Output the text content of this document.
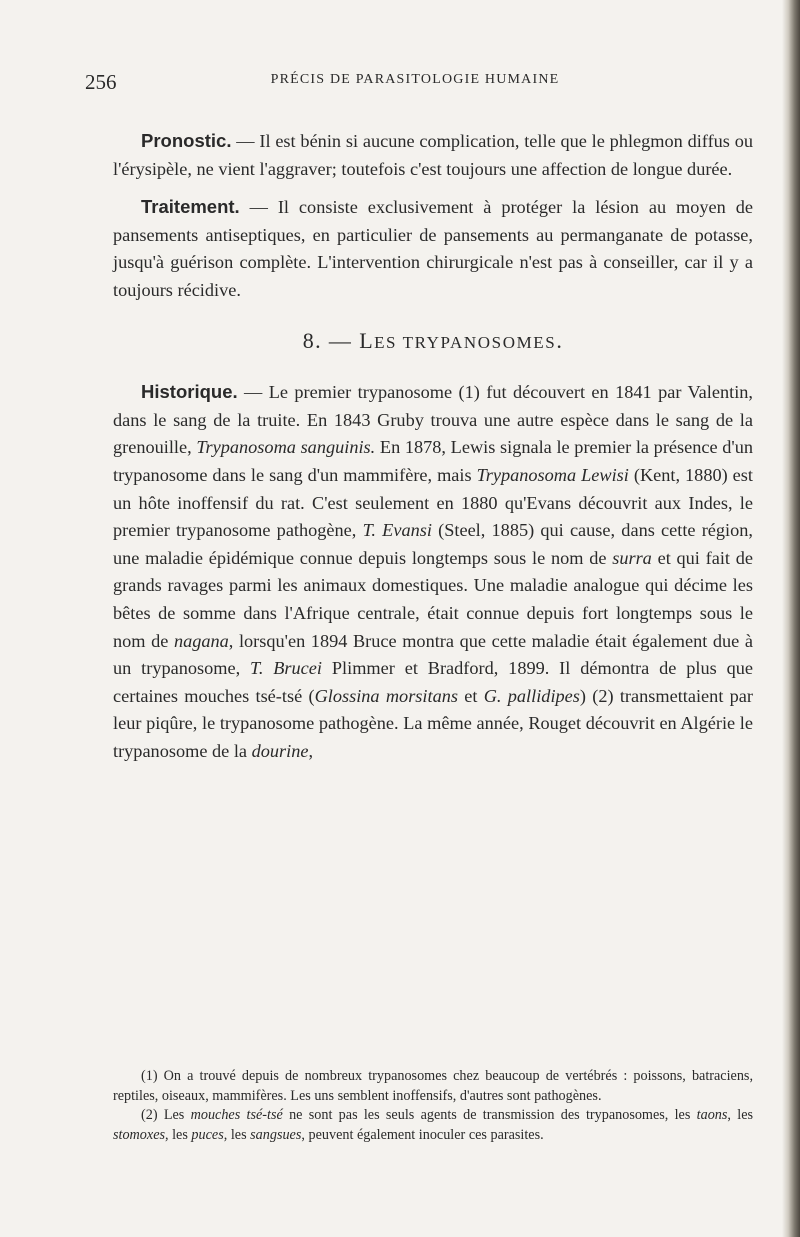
256	PRÉCIS DE PARASITOLOGIE HUMAINE

Pronostic. — Il est bénin si aucune complication, telle que le phlegmon diffus ou l'érysipèle, ne vient l'aggraver; toutefois c'est toujours une affection de longue durée.

Traitement. — Il consiste exclusivement à protéger la lésion au moyen de pansements antiseptiques, en particulier de pansements au permanganate de potasse, jusqu'à guérison complète. L'intervention chirurgicale n'est pas à conseiller, car il y a toujours récidive.

8. — LES TRYPANOSOMES.

Historique. — Le premier trypanosome (1) fut découvert en 1841 par Valentin, dans le sang de la truite. En 1843 Gruby trouva une autre espèce dans le sang de la grenouille, Trypanosoma sanguinis. En 1878, Lewis signala le premier la présence d'un trypanosome dans le sang d'un mammifère, mais Trypanosoma Lewisi (Kent, 1880) est un hôte inoffensif du rat. C'est seulement en 1880 qu'Evans découvrit aux Indes, le premier trypanosome pathogène, T. Evansi (Steel, 1885) qui cause, dans cette région, une maladie épidémique connue depuis longtemps sous le nom de surra et qui fait de grands ravages parmi les animaux domestiques. Une maladie analogue qui décime les bêtes de somme dans l'Afrique centrale, était connue depuis fort longtemps sous le nom de nagana, lorsqu'en 1894 Bruce montra que cette maladie était également due à un trypanosome, T. Brucei Plimmer et Bradford, 1899. Il démontra de plus que certaines mouches tsé-tsé (Glossina morsitans et G. pallidipes) (2) transmettaient par leur piqûre, le trypanosome pathogène. La même année, Rouget découvrit en Algérie le trypanosome de la dourine,

(1) On a trouvé depuis de nombreux trypanosomes chez beaucoup de vertébrés : poissons, batraciens, reptiles, oiseaux, mammifères. Les uns semblent inoffensifs, d'autres sont pathogènes.

(2) Les mouches tsé-tsé ne sont pas les seuls agents de transmission des trypanosomes, les taons, les stomoxes, les puces, les sangsues, peuvent également inoculer ces parasites.
